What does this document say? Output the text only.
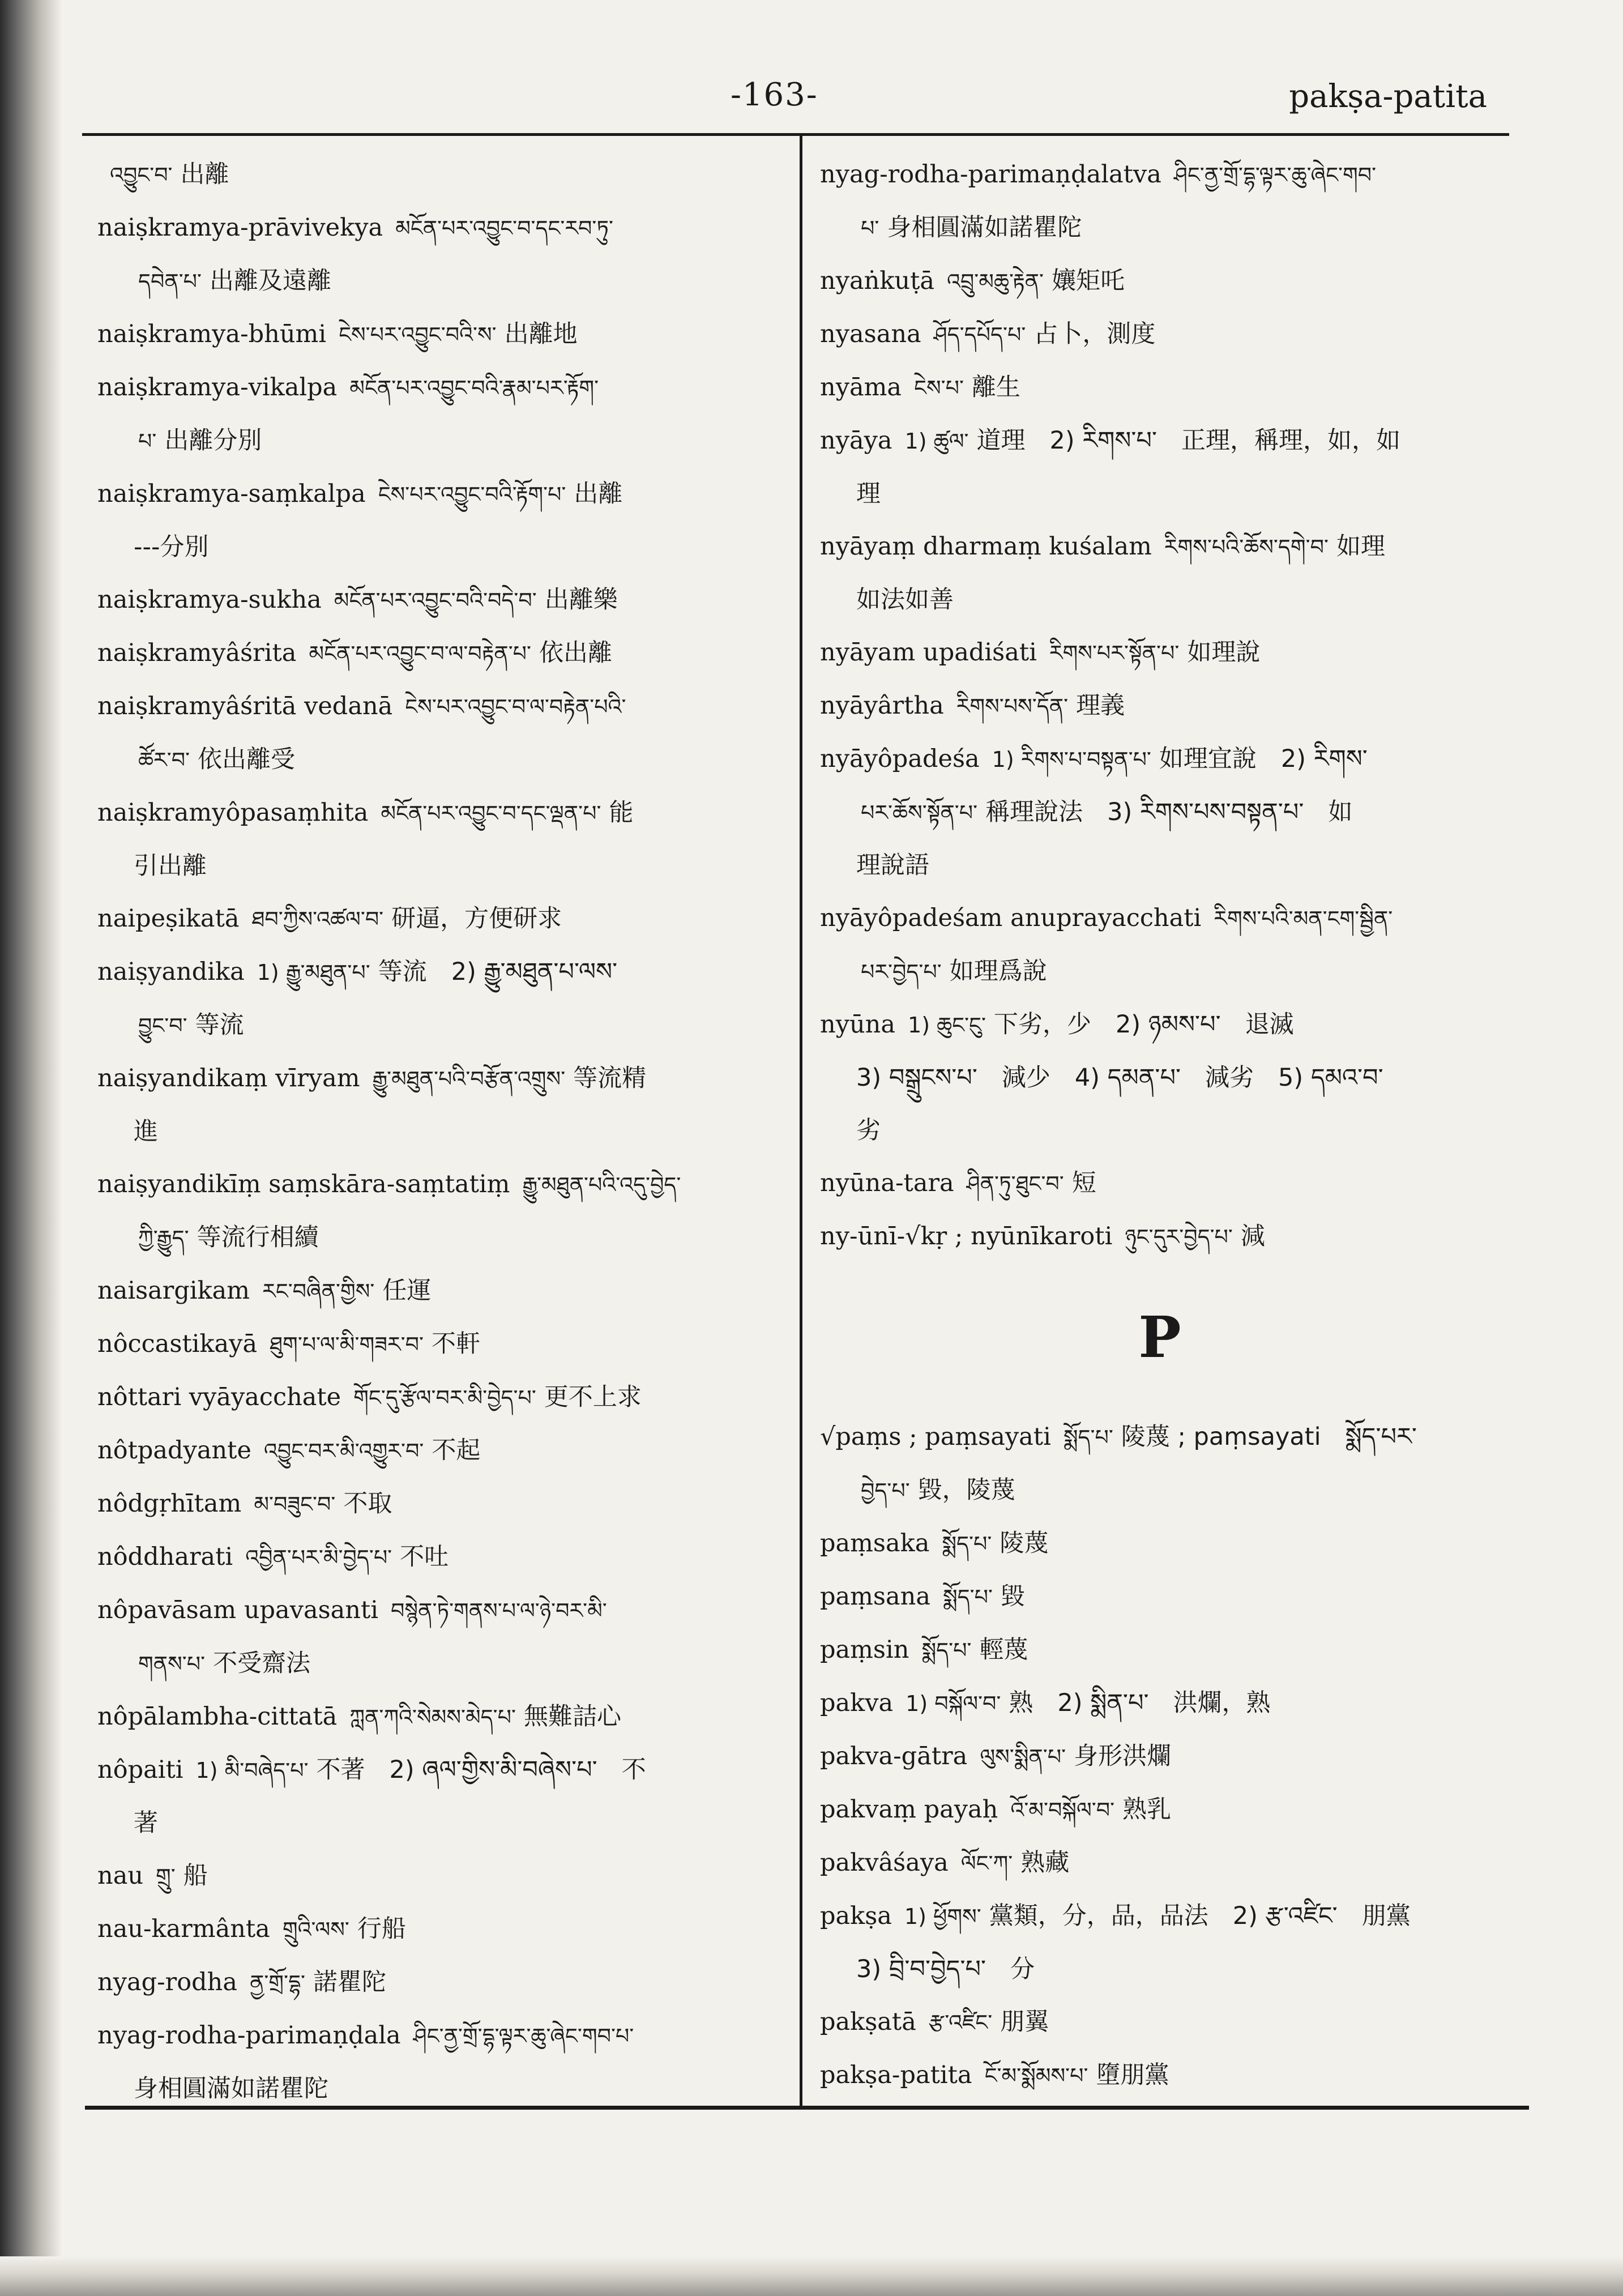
-163-	pakṣa-patita
འབྱུང་བ་ 出離
naiṣkramya-prāvivekya མངོན་པར་འབྱུང་བ་དང་རབ་ཏུ་
དབེན་པ་ 出離及遠離
naiṣkramya-bhūmi ངེས་པར་འབྱུང་བའི་ས་ 出離地
naiṣkramya-vikalpa མངོན་པར་འབྱུང་བའི་རྣམ་པར་རྟོག་
པ་ 出離分別
naiṣkramya-saṃkalpa ངེས་པར་འབྱུང་བའི་རྟོག་པ་ 出離
---分別
naiṣkramya-sukha མངོན་པར་འབྱུང་བའི་བདེ་བ་ 出離樂
naiṣkramyâśrita མངོན་པར་འབྱུང་བ་ལ་བརྟེན་པ་ 依出離
naiṣkramyâśritā vedanā ངེས་པར་འབྱུང་བ་ལ་བརྟེན་པའི་
ཚོར་བ་ 依出離受
naiṣkramyôpasaṃhita མངོན་པར་འབྱུང་བ་དང་ལྡན་པ་ 能
引出離
naipeṣikatā ཐབ་ཀྱིས་འཚལ་བ་ 研逼，方便研求
naiṣyandika 1) རྒྱུ་མཐུན་པ་ 等流　2) རྒྱུ་མཐུན་པ་ལས་
བྱུང་བ་ 等流
naiṣyandikaṃ vīryam རྒྱུ་མཐུན་པའི་བརྩོན་འགྲུས་ 等流精
進
naiṣyandikīṃ saṃskāra-saṃtatiṃ རྒྱུ་མཐུན་པའི་འདུ་བྱེད་
ཀྱི་རྒྱུད་ 等流行相續
naisargikam རང་བཞིན་གྱིས་ 任運
nôccastikayā ཐུག་པ་ལ་མི་གཟར་བ་ 不軒
nôttari vyāyacchate གོང་དུ་རྩོལ་བར་མི་བྱེད་པ་ 更不上求
nôtpadyante འབྱུང་བར་མི་འགྱུར་བ་ 不起
nôdgṛhītam མ་བཟུང་བ་ 不取
nôddharati འབྱིན་པར་མི་བྱེད་པ་ 不吐
nôpavāsam upavasanti བསྙེན་ཏེ་གནས་པ་ལ་ཉེ་བར་མི་
གནས་པ་ 不受齋法
nôpālambha-cittatā ཀླན་ཀའི་སེམས་མེད་པ་ 無難詰心
nôpaiti 1) མི་བཞེད་པ་ 不著　2) ཞལ་གྱིས་མི་བཞེས་པ་　不
著
nau གྲུ་ 船
nau-karmânta གྲུའི་ལས་ 行船
nyag-rodha ནྱ་གྲོ་དྷ་ 諾瞿陀
nyag-rodha-parimaṇḍala ཤིང་ནྱ་གྲོ་དྷ་ལྟར་ཆུ་ཞེང་གབ་པ་
身相圓滿如諾瞿陀
nyag-rodha-parimaṇḍalatva ཤིང་ནྱ་གྲོ་དྷ་ལྟར་ཆུ་ཞེང་གབ་
པ་ 身相圓滿如諾瞿陀
nyaṅkuṭā འབྲུ་མཆུ་རྟེན་ 孃矩吒
nyasana ཤོད་དཔོད་པ་ 占卜，測度
nyāma ངེས་པ་ 離生
nyāya 1) ཚུལ་ 道理　2) རིགས་པ་　正理，稱理，如，如
理
nyāyaṃ dharmaṃ kuśalam རིགས་པའི་ཆོས་དགེ་བ་ 如理
如法如善
nyāyam upadiśati རིགས་པར་སྟོན་པ་ 如理說
nyāyârtha རིགས་པས་དོན་ 理義
nyāyôpadeśa 1) རིགས་པ་བསྟན་པ་ 如理宜說　2) རིགས་
པར་ཆོས་སྟོན་པ་ 稱理說法　3) རིགས་པས་བསྟན་པ་　如
理說語
nyāyôpadeśam anuprayacchati རིགས་པའི་མན་ངག་སྦྱིན་
པར་བྱེད་པ་ 如理爲說
nyūna 1) ཆུང་ངུ་ 下劣，少　2) ཉམས་པ་　退滅
3) བསྒྲུངས་པ་　減少　4) དམན་པ་　減劣　5) དམའ་བ་
劣
nyūna-tara ཤིན་ཏུ་ཐུང་བ་ 短
ny-ūnī-√kṛ ; nyūnīkaroti ཉུང་དུར་བྱེད་པ་ 減
P
√paṃs ; paṃsayati སྨོད་པ་ 陵蔑 ; paṃsayati　སྨོད་པར་
བྱེད་པ་ 毀，陵蔑
paṃsaka སྨོད་པ་ 陵蔑
paṃsana སྨོད་པ་ 毀
paṃsin སྨོད་པ་ 輕蔑
pakva 1) བསྐོལ་བ་ 熟　2) སྨིན་པ་　洪爛，熟
pakva-gātra ལུས་སྨིན་པ་ 身形洪爛
pakvaṃ payaḥ འོ་མ་བསྐོལ་བ་ 熟乳
pakvâśaya ལོང་ཀ་ 熟藏
pakṣa 1) ཕྱོགས་ 黨類，分，品，品法　2) རྩ་འཛིང་　朋黨
3) བྲི་བ་བྱེད་པ་　分
pakṣatā རྩ་འཛིང་ 朋翼
pakṣa-patita ངོ་མ་སྨོམས་པ་ 墮朋黨
